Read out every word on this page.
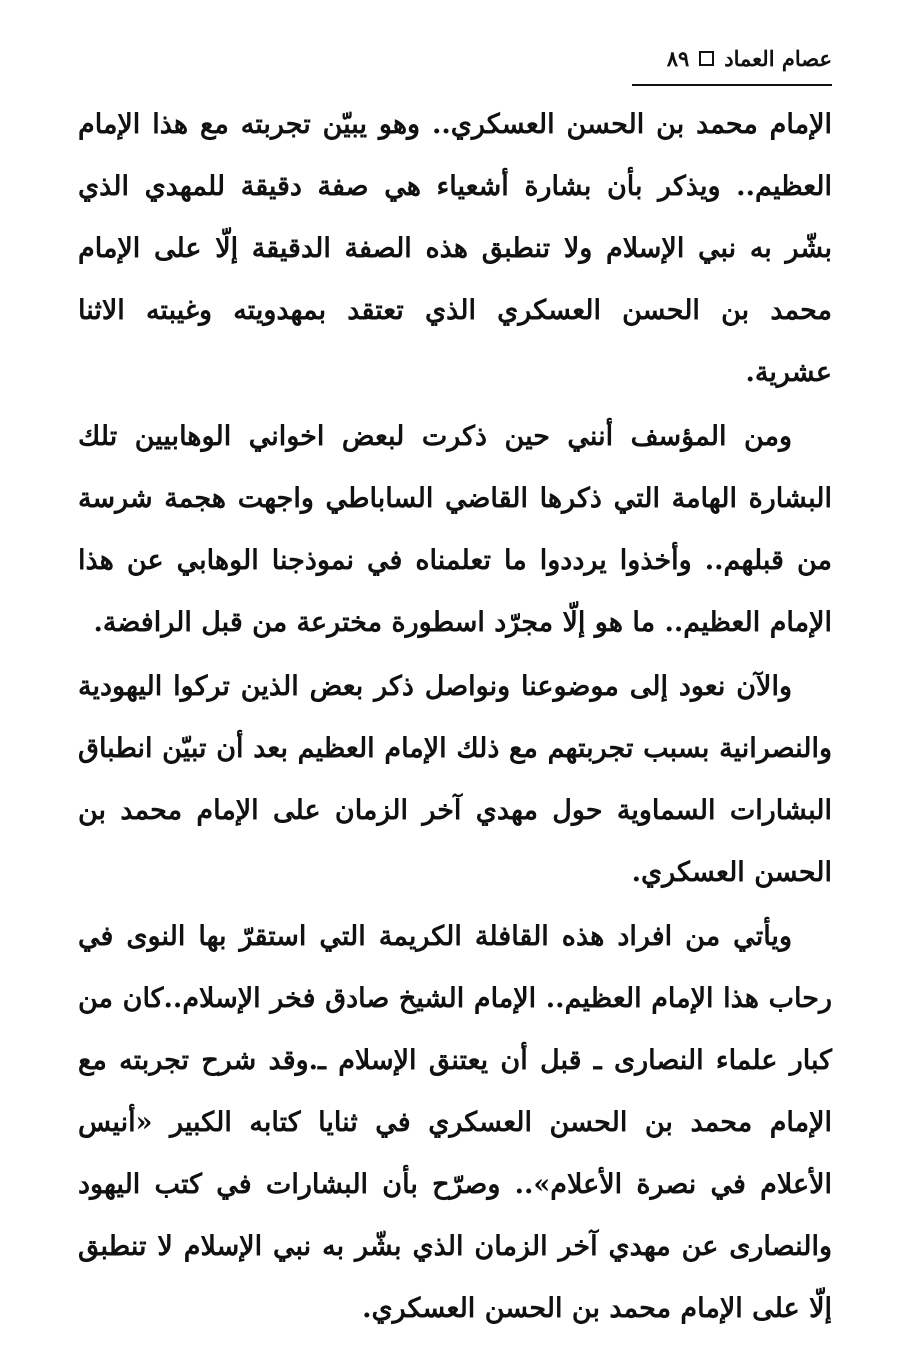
٨٩ عصام العماد

الإمام محمد بن الحسن العسكري.. وهو يبيّن تجربته مع هذا الإمام العظيم.. ويذكر بأن بشارة أشعياء هي صفة دقيقة للمهدي الذي بشّر به نبي الإسلام ولا تنطبق هذه الصفة الدقيقة إلّا على الإمام محمد بن الحسن العسكري الذي تعتقد بمهدويته وغيبته الاثنا عشرية.

ومن المؤسف أنني حين ذكرت لبعض اخواني الوهابيين تلك البشارة الهامة التي ذكرها القاضي الساباطي واجهت هجمة شرسة من قبلهم.. وأخذوا يرددوا ما تعلمناه في نموذجنا الوهابي عن هذا الإمام العظيم.. ما هو إلّا مجرّد اسطورة مخترعة من قبل الرافضة.

والآن نعود إلى موضوعنا ونواصل ذكر بعض الذين تركوا اليهودية والنصرانية بسبب تجربتهم مع ذلك الإمام العظيم بعد أن تبيّن انطباق البشارات السماوية حول مهدي آخر الزمان على الإمام محمد بن الحسن العسكري.

ويأتي من افراد هذه القافلة الكريمة التي استقرّ بها النوى في رحاب هذا الإمام العظيم.. الإمام الشيخ صادق فخر الإسلام..كان من كبار علماء النصارى ـ قبل أن يعتنق الإسلام ـ.وقد شرح تجربته مع الإمام محمد بن الحسن العسكري في ثنايا كتابه الكبير «أنيس الأعلام في نصرة الأعلام».. وصرّح بأن البشارات في كتب اليهود والنصارى عن مهدي آخر الزمان الذي بشّر به نبي الإسلام لا تنطبق إلّا على الإمام محمد بن الحسن العسكري.
